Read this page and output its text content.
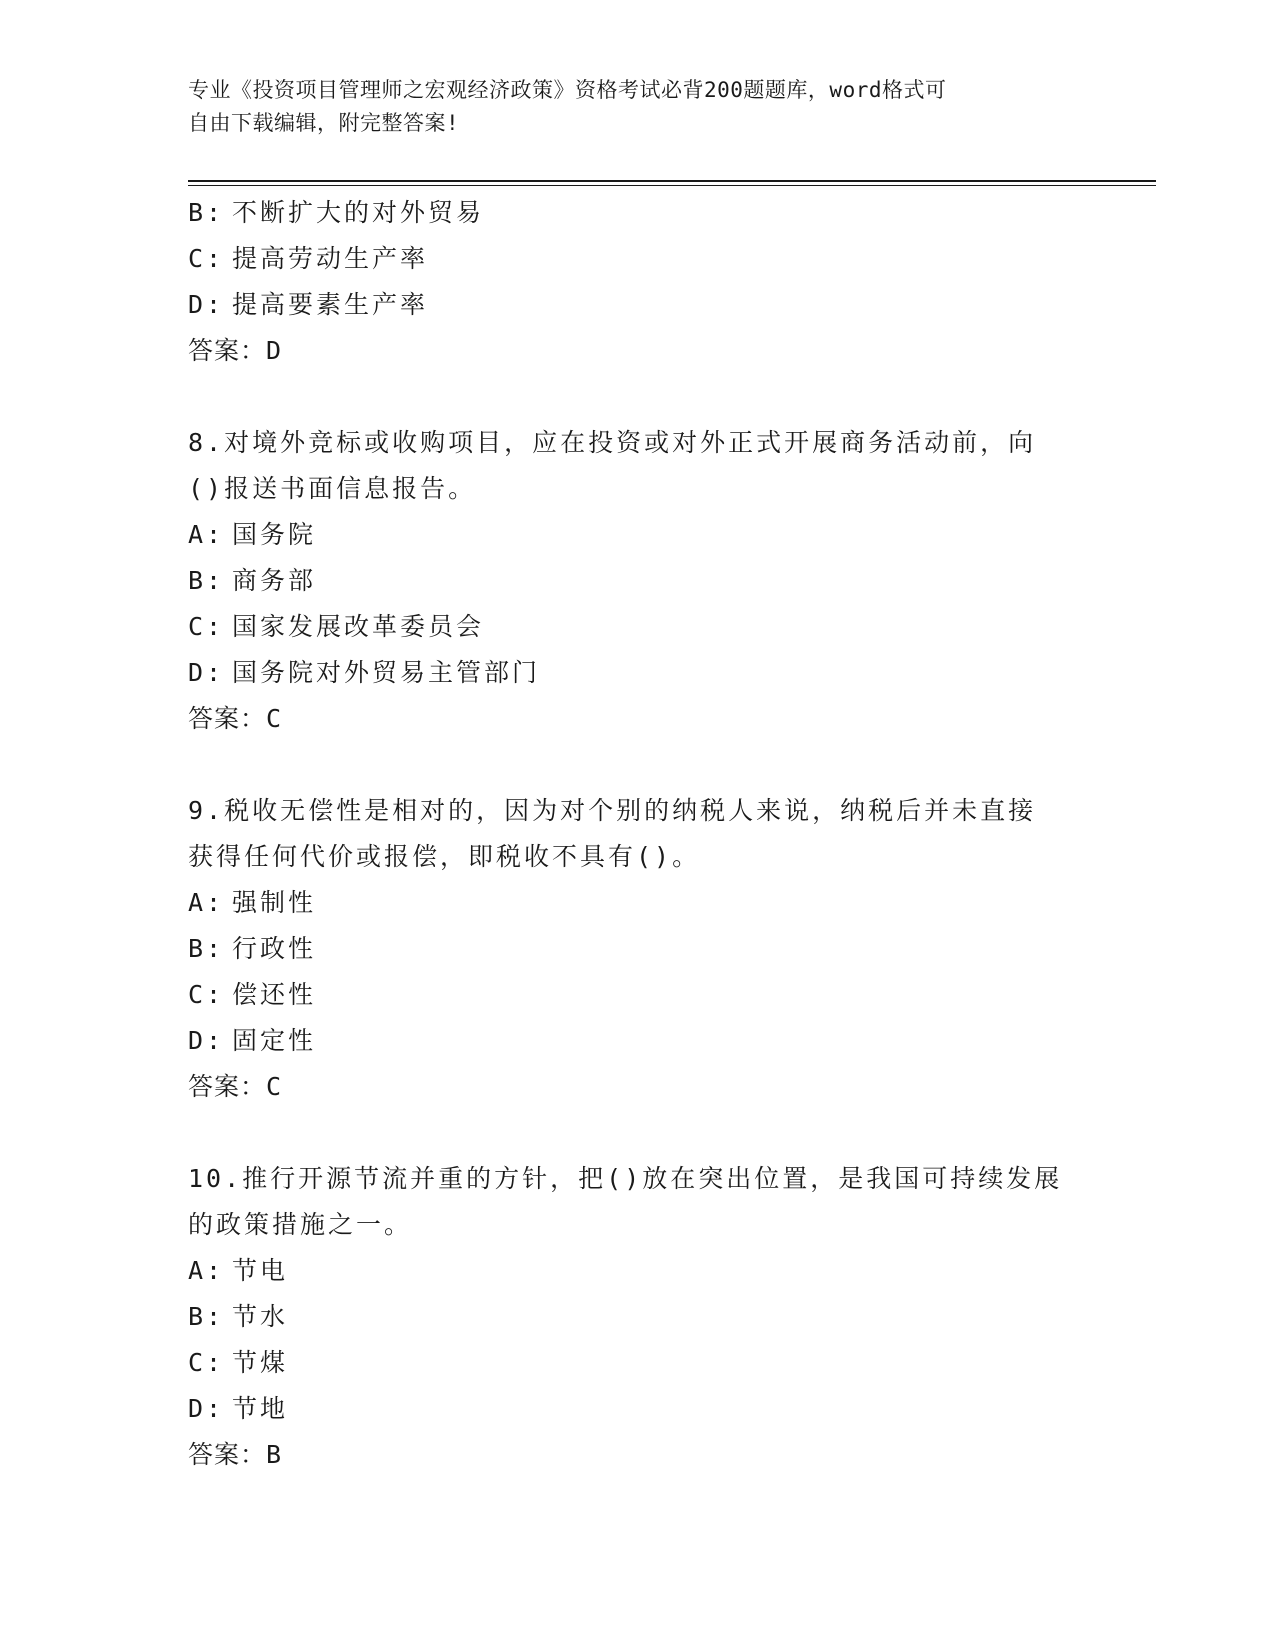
专业《投资项目管理师之宏观经济政策》资格考试必背200题题库，word格式可
自由下载编辑，附完整答案!
B: 不断扩大的对外贸易
C: 提高劳动生产率
D: 提高要素生产率
答案：D
8.对境外竞标或收购项目，应在投资或对外正式开展商务活动前，向
()报送书面信息报告。
A: 国务院
B: 商务部
C: 国家发展改革委员会
D: 国务院对外贸易主管部门
答案：C
9.税收无偿性是相对的，因为对个别的纳税人来说，纳税后并未直接
获得任何代价或报偿，即税收不具有()。
A: 强制性
B: 行政性
C: 偿还性
D: 固定性
答案：C
10.推行开源节流并重的方针，把()放在突出位置，是我国可持续发展
的政策措施之一。
A: 节电
B: 节水
C: 节煤
D: 节地
答案：B
